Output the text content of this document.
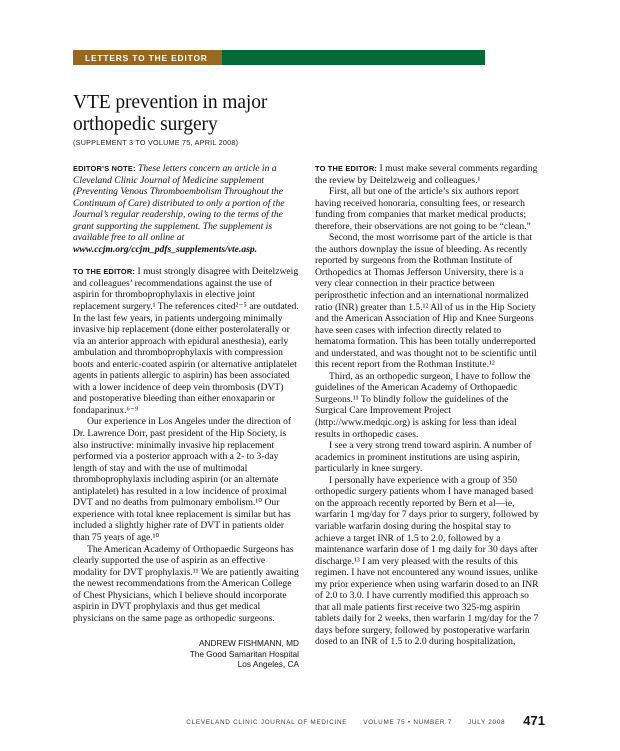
LETTERS TO THE EDITOR
VTE prevention in major
orthopedic surgery
(SUPPLEMENT 3 TO VOLUME 75, APRIL 2008)

EDITOR’S NOTE: These letters concern an article in a Cleveland Clinic Journal of Medicine supplement (Preventing Venous Thromboembolism Throughout the Continuum of Care) distributed to only a portion of the Journal’s regular readership, owing to the terms of the grant supporting the supplement. The supplement is available free to all online at www.ccjm.org/ccjm_pdfs_supplements/vte.asp.

TO THE EDITOR: I must strongly disagree with Deitelzweig and colleagues’ recommendations against the use of aspirin for thromboprophylaxis in elective joint replacement surgery.¹ The references cited²⁻⁵ are outdated. In the last few years, in patients undergoing minimally invasive hip replacement (done either posterolaterally or via an anterior approach with epidural anesthesia), early ambulation and thromboprophylaxis with compression boots and enteric-coated aspirin (or alternative antiplatelet agents in patients allergic to aspirin) has been associated with a lower incidence of deep vein thrombosis (DVT) and postoperative bleeding than either enoxaparin or fondaparinux.⁶⁻⁹

Our experience in Los Angeles under the direction of Dr. Lawrence Dorr, past president of the Hip Society, is also instructive: minimally invasive hip replacement performed via a posterior approach with a 2- to 3-day length of stay and with the use of multimodal thromboprophylaxis including aspirin (or an alternate antiplatelet) has resulted in a low incidence of proximal DVT and no deaths from pulmonary embolism.¹⁰ Our experience with total knee replacement is similar but has included a slightly higher rate of DVT in patients older than 75 years of age.¹⁰

The American Academy of Orthopaedic Surgeons has clearly supported the use of aspirin as an effective modality for DVT prophylaxis.¹¹ We are patiently awaiting the newest recommendations from the American College of Chest Physicians, which I believe should incorporate aspirin in DVT prophylaxis and thus get medical physicians on the same page as orthopedic surgeons.

ANDREW FISHMANN, MD
The Good Samaritan Hospital
Los Angeles, CA

TO THE EDITOR: I must make several comments regarding the review by Deitelzweig and colleagues.¹

First, all but one of the article’s six authors report having received honoraria, consulting fees, or research funding from companies that market medical products; therefore, their observations are not going to be “clean.”

Second, the most worrisome part of the article is that the authors downplay the issue of bleeding. As recently reported by surgeons from the Rothman Institute of Orthopedics at Thomas Jefferson University, there is a very clear connection in their practice between periprosthetic infection and an international normalized ratio (INR) greater than 1.5.¹² All of us in the Hip Society and the American Association of Hip and Knee Surgeons have seen cases with infection directly related to hematoma formation. This has been totally underreported and understated, and was thought not to be scientific until this recent report from the Rothman Institute.¹²

Third, as an orthopedic surgeon, I have to follow the guidelines of the American Academy of Orthopaedic Surgeons.¹¹ To blindly follow the guidelines of the Surgical Care Improvement Project (http://www.medqic.org) is asking for less than ideal results in orthopedic cases.

I see a very strong trend toward aspirin. A number of academics in prominent institutions are using aspirin, particularly in knee surgery.

I personally have experience with a group of 350 orthopedic surgery patients whom I have managed based on the approach recently reported by Bern et al—ie, warfarin 1 mg/day for 7 days prior to surgery, followed by variable warfarin dosing during the hospital stay to achieve a target INR of 1.5 to 2.0, followed by a maintenance warfarin dose of 1 mg daily for 30 days after discharge.¹³ I am very pleased with the results of this regimen. I have not encountered any wound issues, unlike my prior experience when using warfarin dosed to an INR of 2.0 to 3.0. I have currently modified this approach so that all male patients first receive two 325-mg aspirin tablets daily for 2 weeks, then warfarin 1 mg/day for the 7 days before surgery, followed by postoperative warfarin dosed to an INR of 1.5 to 2.0 during hospitalization,

CLEVELAND CLINIC JOURNAL OF MEDICINE	VOLUME 75 • NUMBER 7	JULY 2008 471
